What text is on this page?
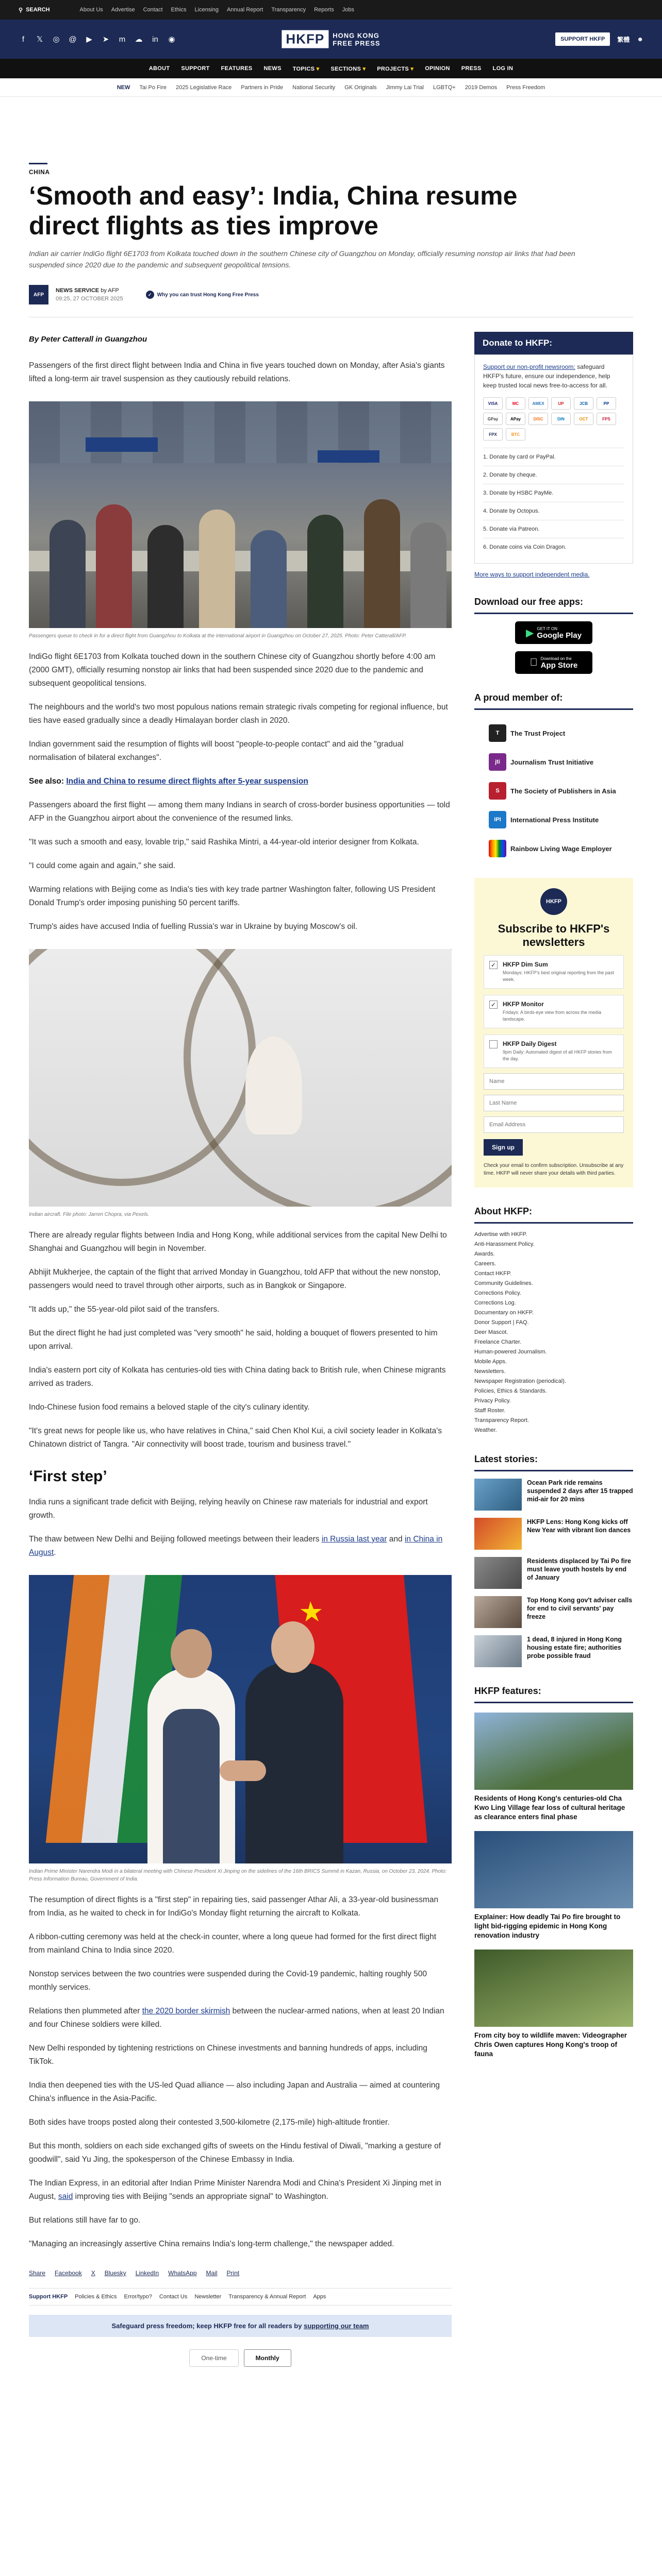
⚲ SEARCH	About Us Advertise Contact Ethics Licensing Annual Report Transparency Reports Jobs
f	𝕏 ◎ @ ▶ ➤ m ☁ in ◉	HKFP	HONG KONG
FREE PRESS	SUPPORT HKFP	繁體 ☻
ABOUT SUPPORT FEATURES NEWS TOPICS ▾ SECTIONS ▾ PROJECTS ▾ OPINION PRESS LOG IN
NEW Tai Po Fire 2025 Legislative Race Partners in Pride National Security GK Originals Jimmy Lai Trial LGBTQ+ 2019 Demos Press Freedom
CHINA
‘Smooth and easy’: India, China resume direct flights as ties improve
Indian air carrier IndiGo flight 6E1703 from Kolkata touched down in the southern Chinese city of Guangzhou on Monday, officially resuming nonstop air links that had been suspended since 2020 due to the pandemic and subsequent geopolitical tensions.
AFP
NEWS SERVICE by AFP
09:25, 27 OCTOBER 2025
✓	Why you can trust Hong Kong Free Press
By Peter Catterall in Guangzhou

Passengers of the first direct flight between India and China in five years touched down on Monday, after Asia's giants lifted a long-term air travel suspension as they cautiously rebuild relations.

Passengers queue to check in for a direct flight from Guangzhou to Kolkata at the international airport in Guangzhou on October 27, 2025. Photo: Peter Catterall/AFP.

IndiGo flight 6E1703 from Kolkata touched down in the southern Chinese city of Guangzhou shortly before 4:00 am (2000 GMT), officially resuming nonstop air links that had been suspended since 2020 due to the pandemic and subsequent geopolitical tensions.

The neighbours and the world's two most populous nations remain strategic rivals competing for regional influence, but ties have eased gradually since a deadly Himalayan border clash in 2020.

Indian government said the resumption of flights will boost "people-to-people contact" and aid the "gradual normalisation of bilateral exchanges".

See also: India and China to resume direct flights after 5-year suspension

Passengers aboard the first flight — among them many Indians in search of cross-border business opportunities — told AFP in the Guangzhou airport about the convenience of the resumed links.

"It was such a smooth and easy, lovable trip," said Rashika Mintri, a 44-year-old interior designer from Kolkata.

"I could come again and again," she said.

Warming relations with Beijing come as India's ties with key trade partner Washington falter, following US President Donald Trump's order imposing punishing 50 percent tariffs.

Trump's aides have accused India of fuelling Russia's war in Ukraine by buying Moscow's oil.

Indian aircraft. File photo: Jarren Chopra, via Pexels.

There are already regular flights between India and Hong Kong, while additional services from the capital New Delhi to Shanghai and Guangzhou will begin in November.

Abhijit Mukherjee, the captain of the flight that arrived Monday in Guangzhou, told AFP that without the new nonstop, passengers would need to travel through other airports, such as in Bangkok or Singapore.

"It adds up," the 55-year-old pilot said of the transfers.

But the direct flight he had just completed was "very smooth" he said, holding a bouquet of flowers presented to him upon arrival.

India's eastern port city of Kolkata has centuries-old ties with China dating back to British rule, when Chinese migrants arrived as traders.

Indo-Chinese fusion food remains a beloved staple of the city's culinary identity.

"It's great news for people like us, who have relatives in China," said Chen Khol Kui, a civil society leader in Kolkata's Chinatown district of Tangra. "Air connectivity will boost trade, tourism and business travel."

‘First step’

India runs a significant trade deficit with Beijing, relying heavily on Chinese raw materials for industrial and export growth.

The thaw between New Delhi and Beijing followed meetings between their leaders in Russia last year and in China in August.

★
Indian Prime Minister Narendra Modi in a bilateral meeting with Chinese President Xi Jinping on the sidelines of the 16th BRICS Summit in Kazan, Russia, on October 23, 2024. Photo: Press Information Bureau, Government of India.

The resumption of direct flights is a "first step" in repairing ties, said passenger Athar Ali, a 33-year-old businessman from India, as he waited to check in for IndiGo's Monday flight returning the aircraft to Kolkata.

A ribbon-cutting ceremony was held at the check-in counter, where a long queue had formed for the first direct flight from mainland China to India since 2020.

Nonstop services between the two countries were suspended during the Covid-19 pandemic, halting roughly 500 monthly services.

Relations then plummeted after the 2020 border skirmish between the nuclear-armed nations, when at least 20 Indian and four Chinese soldiers were killed.

New Delhi responded by tightening restrictions on Chinese investments and banning hundreds of apps, including TikTok.

India then deepened ties with the US-led Quad alliance — also including Japan and Australia — aimed at countering China's influence in the Asia-Pacific.

Both sides have troops posted along their contested 3,500-kilometre (2,175-mile) high-altitude frontier.

But this month, soldiers on each side exchanged gifts of sweets on the Hindu festival of Diwali, "marking a gesture of goodwill", said Yu Jing, the spokesperson of the Chinese Embassy in India.

The Indian Express, in an editorial after Indian Prime Minister Narendra Modi and China's President Xi Jinping met in August, said improving ties with Beijing "sends an appropriate signal" to Washington.

But relations still have far to go.

"Managing an increasingly assertive China remains India's long-term challenge," the newspaper added.

Share Facebook X Bluesky LinkedIn WhatsApp Mail Print
Support HKFP Policies & Ethics Error/typo? Contact Us Newsletter Transparency & Annual Report Apps
Safeguard press freedom; keep HKFP free for all readers by supporting our team
One-time	Monthly
Donate to HKFP:
Support our non-profit newsroom: safeguard HKFP's future, ensure our independence, help keep trusted local news free-to-access for all.
VISA	MC	AMEX	UP	JCB	PP
GPay	APay	DISC	DIN	OCT	FPS
FPX	BTC
1. Donate by card or PayPal.
2. Donate by cheque.
3. Donate by HSBC PayMe.
4. Donate by Octopus.
5. Donate via Patreon.
6. Donate coins via Coin Dragon.
More ways to support independent media.
Download our free apps:
▶ GET IT ON
Google Play
Download on the
App Store
A proud member of:
T	The Trust Project
jti	Journalism Trust Initiative
S	The Society of Publishers in Asia
IPI	International Press Institute
Rainbow Living Wage Employer
HKFP
Subscribe to HKFP's newsletters
✓ HKFP Dim Sum
Mondays: HKFP's best original reporting from the past week.
✓ HKFP Monitor
Fridays: A birds-eye view from across the media landscape.
HKFP Daily Digest
9pm Daily: Automated digest of all HKFP stories from the day.
Name Last Name Email Address Sign up
Check your email to confirm subscription. Unsubscribe at any time. HKFP will never share your details with third parties.
About HKFP:
Advertise with HKFP.
Anti-Harassment Policy.
Awards.
Careers.
Contact HKFP.
Community Guidelines.
Corrections Policy.
Corrections Log.
Documentary on HKFP.
Donor Support | FAQ.
Deer Mascot.
Freelance Charter.
Human-powered Journalism.
Mobile Apps.
Newsletters.
Newspaper Registration (periodical).
Policies, Ethics & Standards.
Privacy Policy.
Staff Roster.
Transparency Report.
Weather.
Latest stories:
Ocean Park ride remains suspended 2 days after 15 trapped mid-air for 20 mins
HKFP Lens: Hong Kong kicks off New Year with vibrant lion dances
Residents displaced by Tai Po fire must leave youth hostels by end of January
Top Hong Kong gov't adviser calls for end to civil servants' pay freeze
1 dead, 8 injured in Hong Kong housing estate fire; authorities probe possible fraud
HKFP features:
Residents of Hong Kong's centuries-old Cha Kwo Ling Village fear loss of cultural heritage as clearance enters final phase
Explainer: How deadly Tai Po fire brought to light bid-rigging epidemic in Hong Kong renovation industry
From city boy to wildlife maven: Videographer Chris Owen captures Hong Kong's troop of fauna
